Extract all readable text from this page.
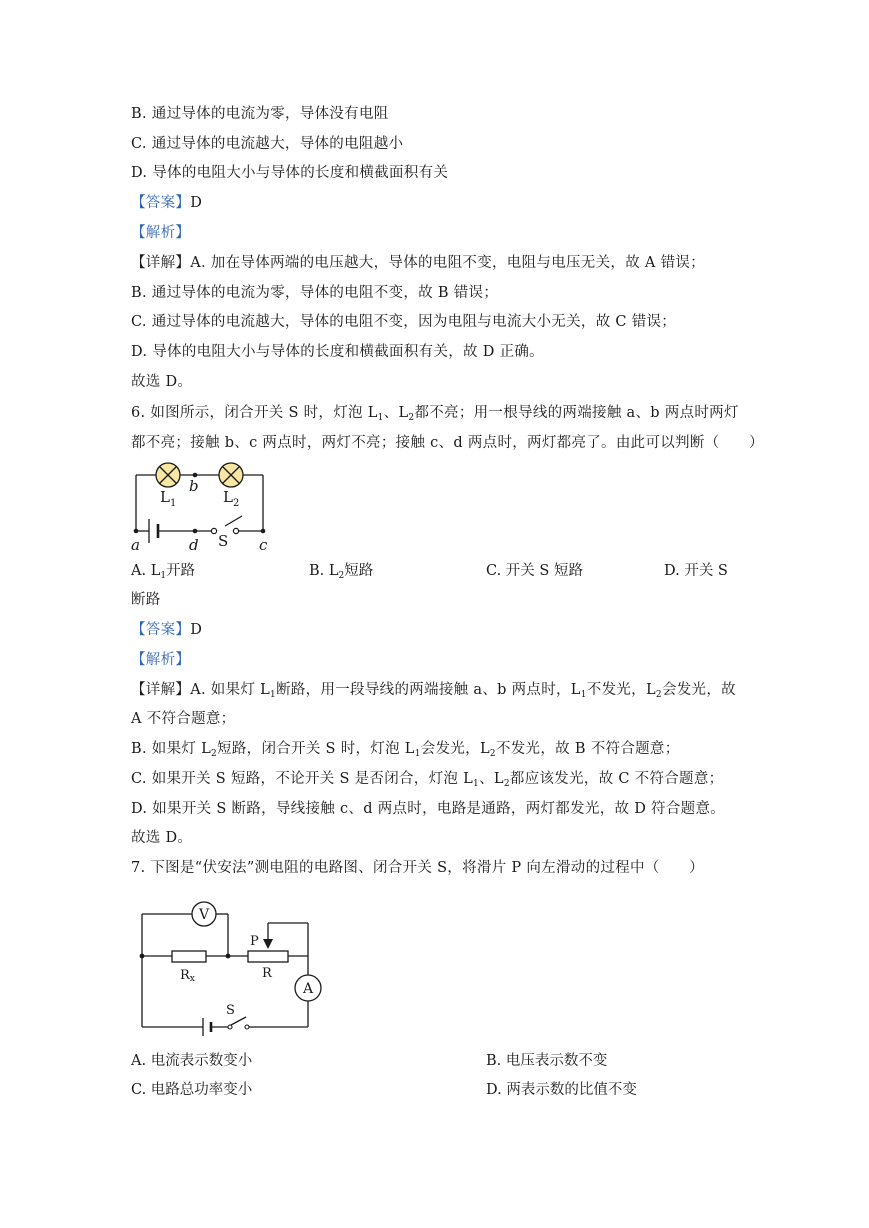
B. 通过导体的电流为零，导体没有电阻
C. 通过导体的电流越大，导体的电阻越小
D. 导体的电阻大小与导体的长度和横截面积有关
【答案】D
【解析】
【详解】A. 加在导体两端的电压越大，导体的电阻不变，电阻与电压无关，故 A 错误；
B. 通过导体的电流为零，导体的电阻不变，故 B 错误；
C. 通过导体的电流越大，导体的电阻不变，因为电阻与电流大小无关，故 C 错误；
D. 导体的电阻大小与导体的长度和横截面积有关，故 D 正确。
故选 D。
6. 如图所示，闭合开关 S 时，灯泡 $L_1$、$L_2$都不亮；用一根导线的两端接触 a、b 两点时两灯
都不亮；接触 b、c 两点时，两灯不亮；接触 c、d 两点时，两灯都亮了。由此可以判断（　　）
$L_1$	$L_2$
b
a	d	c
S
A. $L_1$开路	B. $L_2$短路	C. 开关 S 短路	D. 开关 S
断路
【答案】D
【解析】
【详解】A. 如果灯 $L_1$断路，用一段导线的两端接触 a、b 两点时，$L_1$不发光，$L_2$会发光，故
A 不符合题意；
B. 如果灯 $L_2$短路，闭合开关 S 时，灯泡 $L_1$会发光，$L_2$不发光，故 B 不符合题意；
C. 如果开关 S 短路，不论开关 S 是否闭合，灯泡 $L_1$、$L_2$都应该发光，故 C 不符合题意；
D. 如果开关 S 断路，导线接触 c、d 两点时，电路是通路，两灯都发光，故 D 符合题意。
故选 D。
7. 下图是“伏安法”测电阻的电路图、闭合开关 S，将滑片 P 向左滑动的过程中（　　）
V
A
Rx	R
P
S
A. 电流表示数变小	B. 电压表示数不变
C. 电路总功率变小	D. 两表示数的比值不变
